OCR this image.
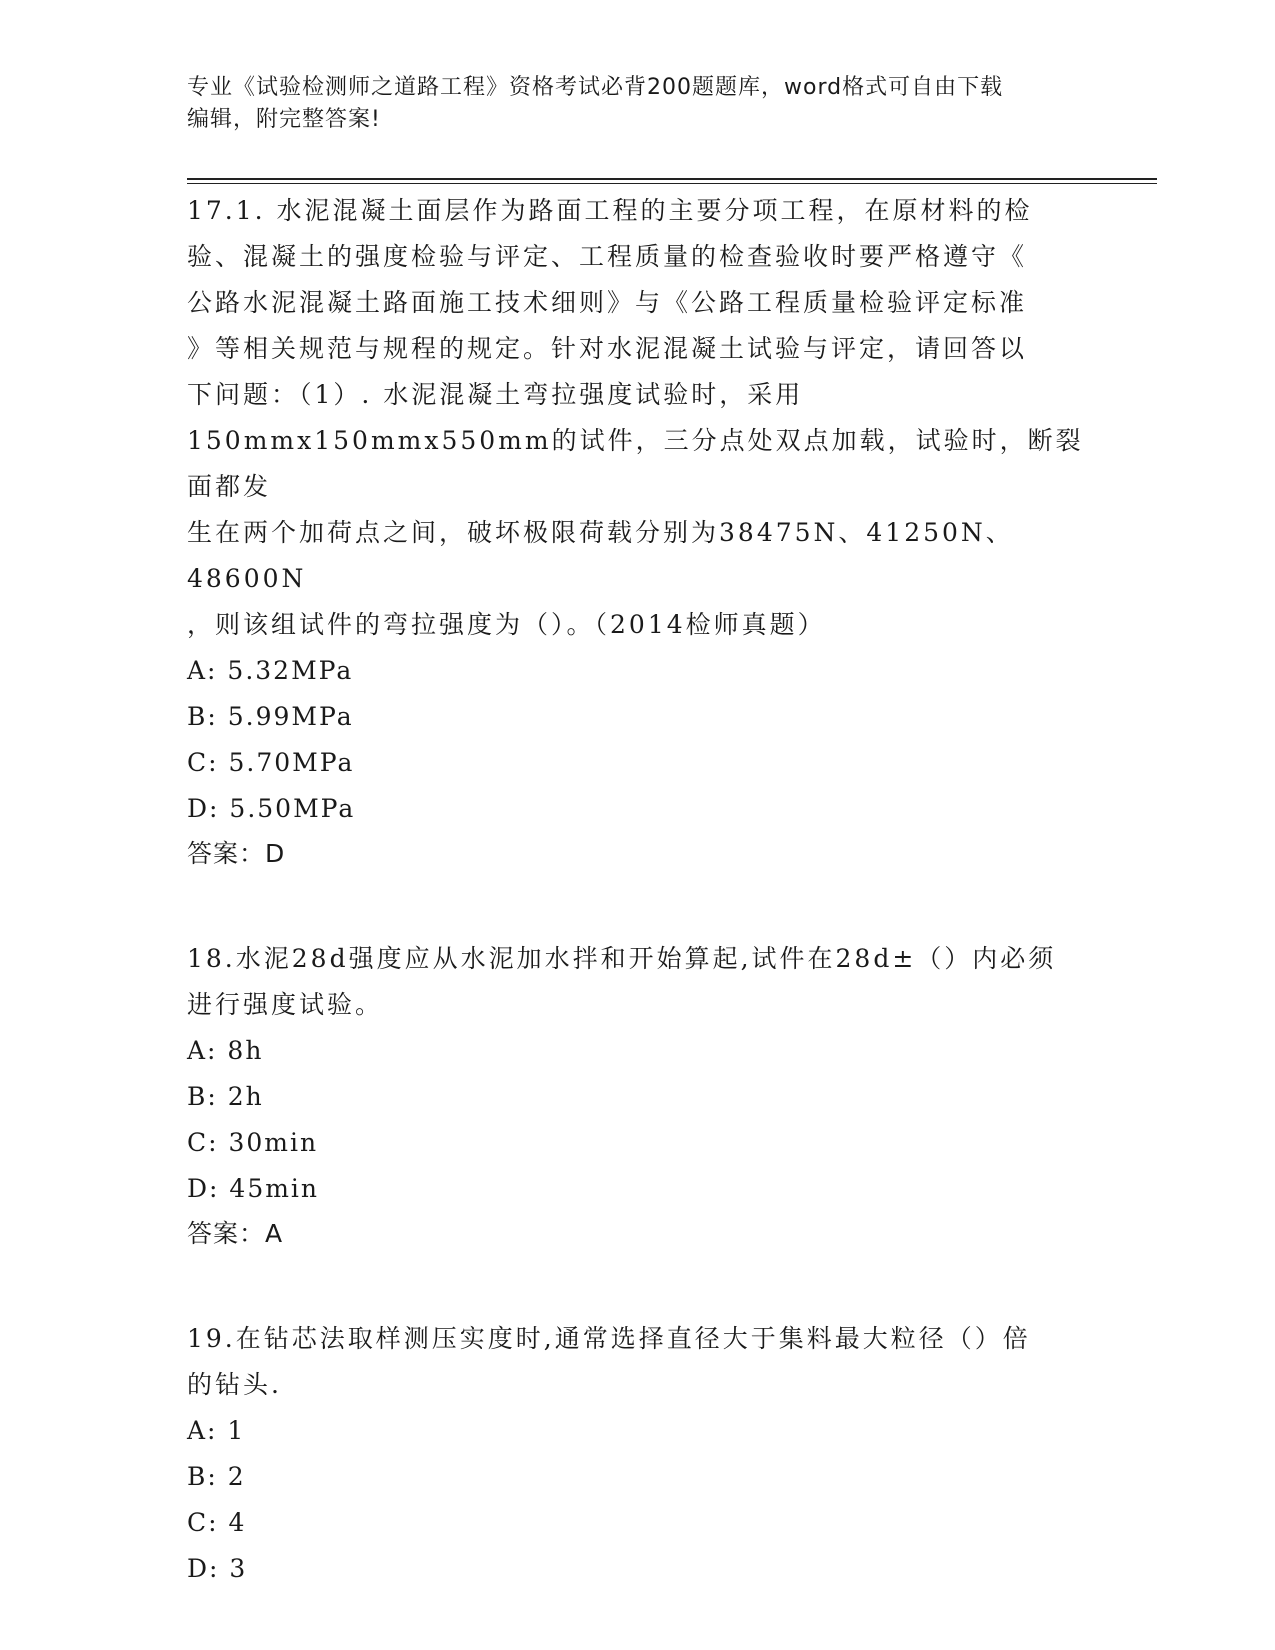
专业《试验检测师之道路工程》资格考试必背200题题库，word格式可自由下载
编辑，附完整答案!

17.1. 水泥混凝土面层作为路面工程的主要分项工程，在原材料的检
验、混凝土的强度检验与评定、工程质量的检查验收时要严格遵守《
公路水泥混凝土路面施工技术细则》与《公路工程质量检验评定标准
》等相关规范与规程的规定。针对水泥混凝土试验与评定，请回答以
下问题：（1）. 水泥混凝土弯拉强度试验时，采用
150mmx150mmx550mm的试件，三分点处双点加载，试验时，断裂面都发
生在两个加荷点之间，破坏极限荷载分别为38475N、41250N、48600N
，则该组试件的弯拉强度为（）。（2014检师真题）

A: 5.32MPa

B: 5.99MPa

C: 5.70MPa

D: 5.50MPa

答案：D

18.水泥28d强度应从水泥加水拌和开始算起,试件在28d±（）内必须
进行强度试验。

A: 8h

B: 2h

C: 30min

D: 45min

答案：A

19.在钻芯法取样测压实度时,通常选择直径大于集料最大粒径（）倍
的钻头.

A: 1

B: 2

C: 4

D: 3
